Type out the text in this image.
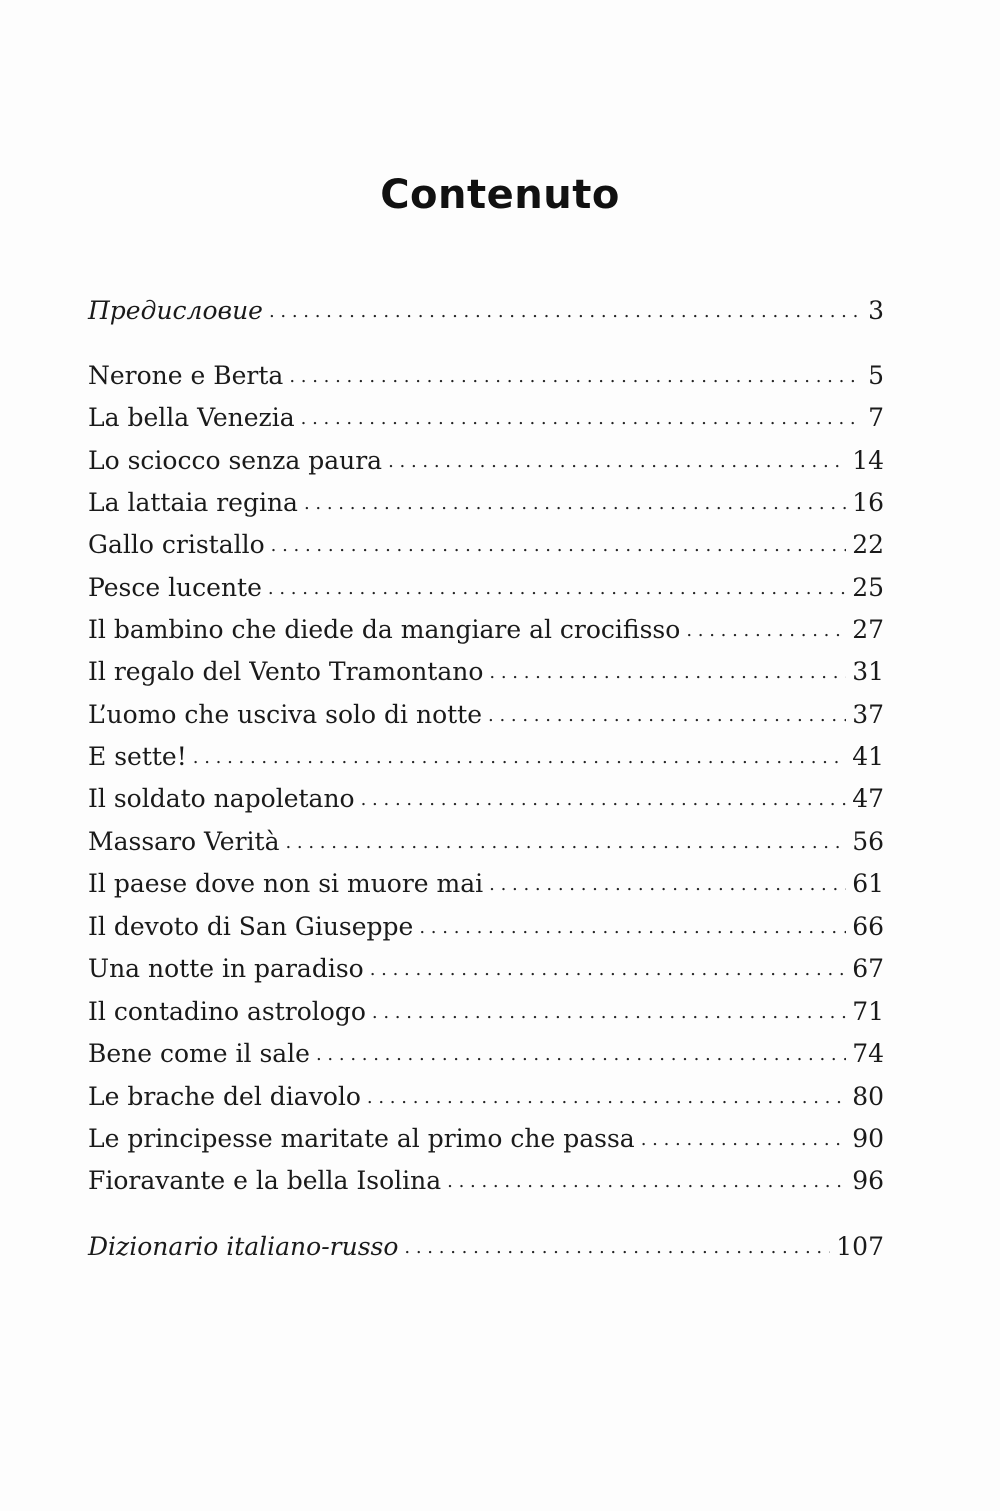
Contenuto
Предисловие . . .	3
Nerone e Berta . . .	5
La bella Venezia . . .	7
Lo sciocco senza paura . . .	14
La lattaia regina . . .	16
Gallo cristallo . . .	22
Pesce lucente . . .	25
Il bambino che diede da mangiare al crocifisso . . .	27
Il regalo del Vento Tramontano . . .	31
L’uomo che usciva solo di notte . . .	37
E sette! . . .	41
Il soldato napoletano . . .	47
Massaro Verità . . .	56
Il paese dove non si muore mai . . .	61
Il devoto di San Giuseppe . . .	66
Una notte in paradiso . . .	67
Il contadino astrologo . . .	71
Bene come il sale . . .	74
Le brache del diavolo . . .	80
Le principesse maritate al primo che passa . . .	90
Fioravante e la bella Isolina . . .	96
Dizionario italiano-russo . . .	107
